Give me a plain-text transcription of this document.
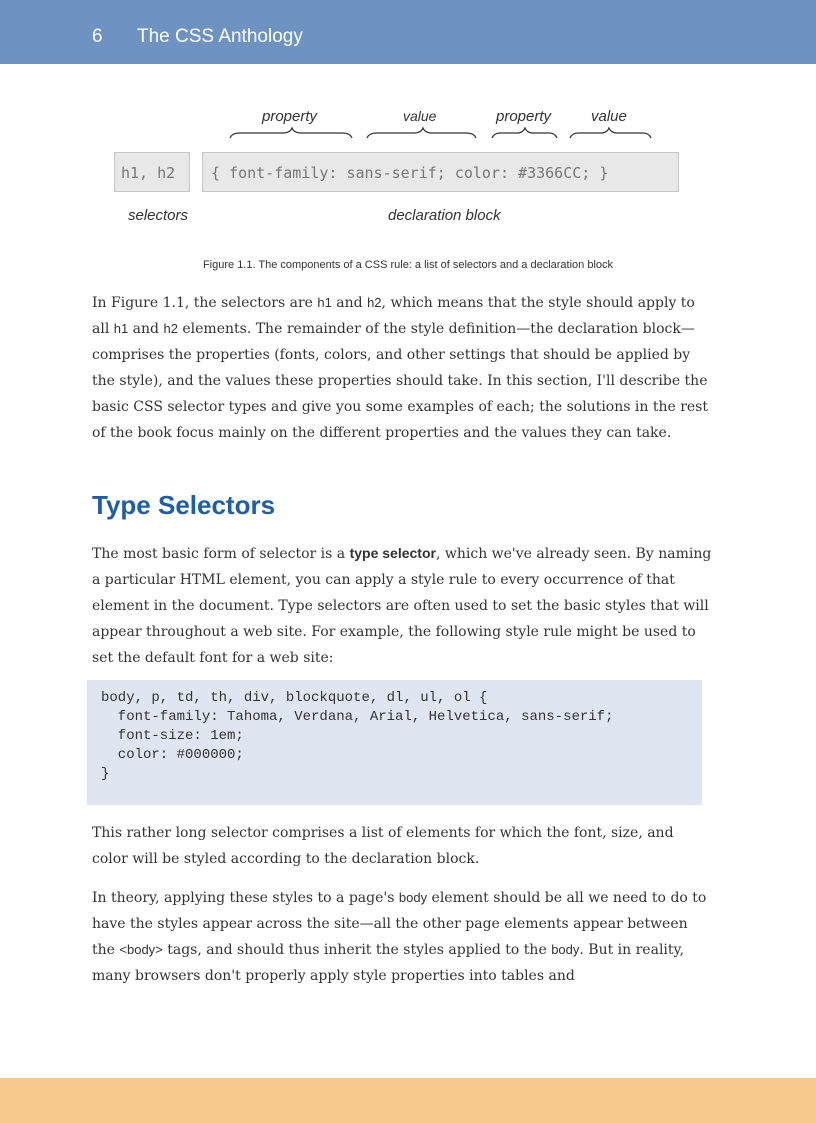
6 The CSS Anthology
property	value	property	value
h1, h2	{ font-family: sans-serif; color: #3366CC; }
selectors	declaration block
Figure 1.1. The components of a CSS rule: a list of selectors and a declaration block

In Figure 1.1, the selectors are h1 and h2, which means that the style should apply to all h1 and h2 elements. The remainder of the style definition—the declaration block—comprises the properties (fonts, colors, and other settings that should be applied by the style), and the values these properties should take. In this section, I'll describe the basic CSS selector types and give you some examples of each; the solutions in the rest of the book focus mainly on the different properties and the values they can take.

Type Selectors

The most basic form of selector is a type selector, which we've already seen. By naming a particular HTML element, you can apply a style rule to every occurrence of that element in the document. Type selectors are often used to set the basic styles that will appear throughout a web site. For example, the following style rule might be used to set the default font for a web site:

body, p, td, th, div, blockquote, dl, ul, ol {
font-family: Tahoma, Verdana, Arial, Helvetica, sans-serif;
font-size: 1em;
color: #000000;
}

This rather long selector comprises a list of elements for which the font, size, and color will be styled according to the declaration block.

In theory, applying these styles to a page's body element should be all we need to do to have the styles appear across the site—all the other page elements appear between the <body> tags, and should thus inherit the styles applied to the body. But in reality, many browsers don't properly apply style properties into tables and
